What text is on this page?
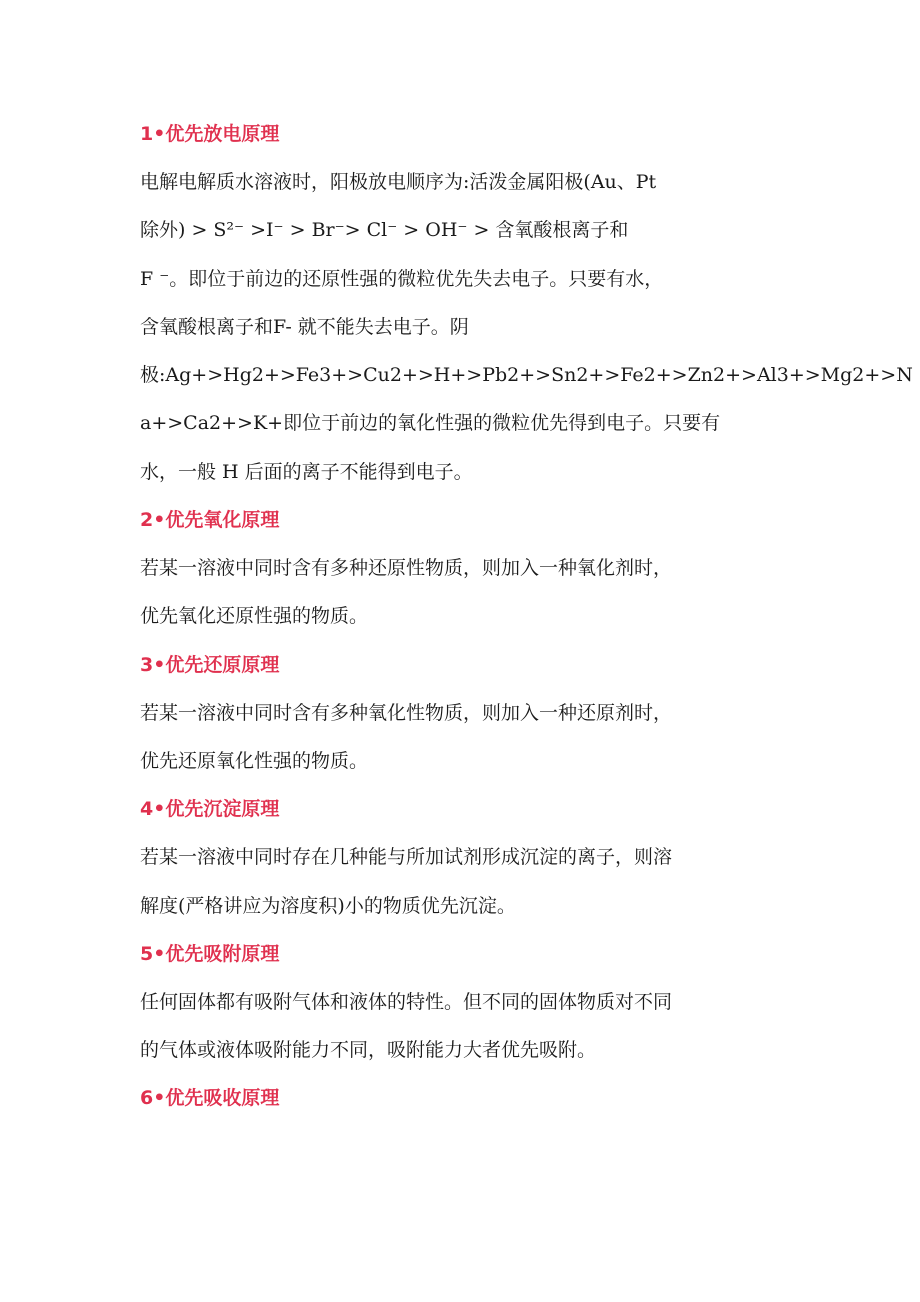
1•优先放电原理
电解电解质水溶液时，阳极放电顺序为:活泼金属阳极(Au、Pt
除外) > S²⁻ >I⁻ > Br⁻> Cl⁻ > OH⁻ > 含氧酸根离子和
F ⁻。即位于前边的还原性强的微粒优先失去电子。只要有水，
含氧酸根离子和F- 就不能失去电子。阴
极:Ag+>Hg2+>Fe3+>Cu2+>H+>Pb2+>Sn2+>Fe2+>Zn2+>Al3+>Mg2+>N
a+>Ca2+>K+即位于前边的氧化性强的微粒优先得到电子。只要有
水，一般 H 后面的离子不能得到电子。
2•优先氧化原理
若某一溶液中同时含有多种还原性物质，则加入一种氧化剂时，
优先氧化还原性强的物质。
3•优先还原原理
若某一溶液中同时含有多种氧化性物质，则加入一种还原剂时，
优先还原氧化性强的物质。
4•优先沉淀原理
若某一溶液中同时存在几种能与所加试剂形成沉淀的离子，则溶
解度(严格讲应为溶度积)小的物质优先沉淀。
5•优先吸附原理
任何固体都有吸附气体和液体的特性。但不同的固体物质对不同
的气体或液体吸附能力不同，吸附能力大者优先吸附。
6•优先吸收原理
